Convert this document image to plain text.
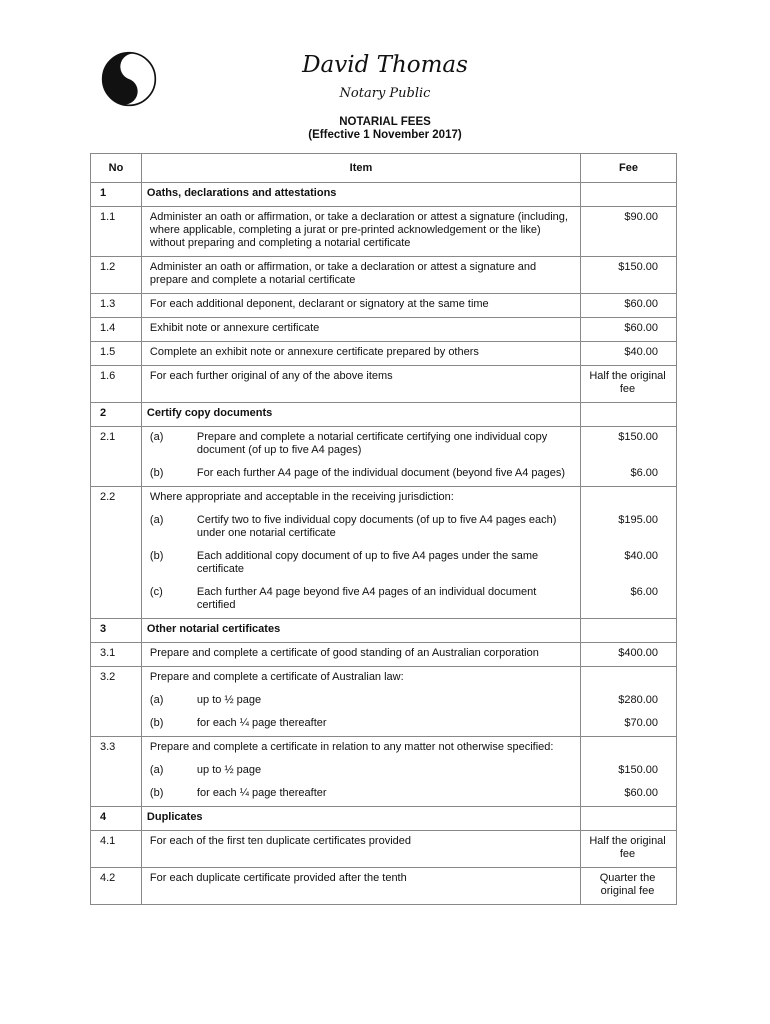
David Thomas
Notary Public
NOTARIAL FEES
(Effective 1 November 2017)
No	Item	Fee
1	Oaths, declarations and attestations	
1.1	Administer an oath or affirmation, or take a declaration or attest a signature (including, where applicable, completing a jurat or pre-printed acknowledgement or the like) without preparing and completing a notarial certificate	$90.00
1.2	Administer an oath or affirmation, or take a declaration or attest a signature and prepare and complete a notarial certificate	$150.00
1.3	For each additional deponent, declarant or signatory at the same time	$60.00
1.4	Exhibit note or annexure certificate	$60.00
1.5	Complete an exhibit note or annexure certificate prepared by others	$40.00
1.6	For each further original of any of the above items	Half the original fee
2	Certify copy documents	
2.1	(a) Prepare and complete a notarial certificate certifying one individual copy document (of up to five A4 pages)	$150.00

	(b) For each further A4 page of the individual document (beyond five A4 pages)	$6.00
2.2	Where appropriate and acceptable in the receiving jurisdiction:	

	(a) Certify two to five individual copy documents (of up to five A4 pages each) under one notarial certificate	$195.00

	(b) Each additional copy document of up to five A4 pages under the same certificate	$40.00

	(c) Each further A4 page beyond five A4 pages of an individual document certified	$6.00
3	Other notarial certificates	
3.1	Prepare and complete a certificate of good standing of an Australian corporation	$400.00
3.2	Prepare and complete a certificate of Australian law:	

	(a) up to ½ page	$280.00

	(b) for each ¼ page thereafter	$70.00
3.3	Prepare and complete a certificate in relation to any matter not otherwise specified:	

	(a) up to ½ page	$150.00

	(b) for each ¼ page thereafter	$60.00
4	Duplicates	
4.1	For each of the first ten duplicate certificates provided	Half the original fee
4.2	For each duplicate certificate provided after the tenth	Quarter the original fee
